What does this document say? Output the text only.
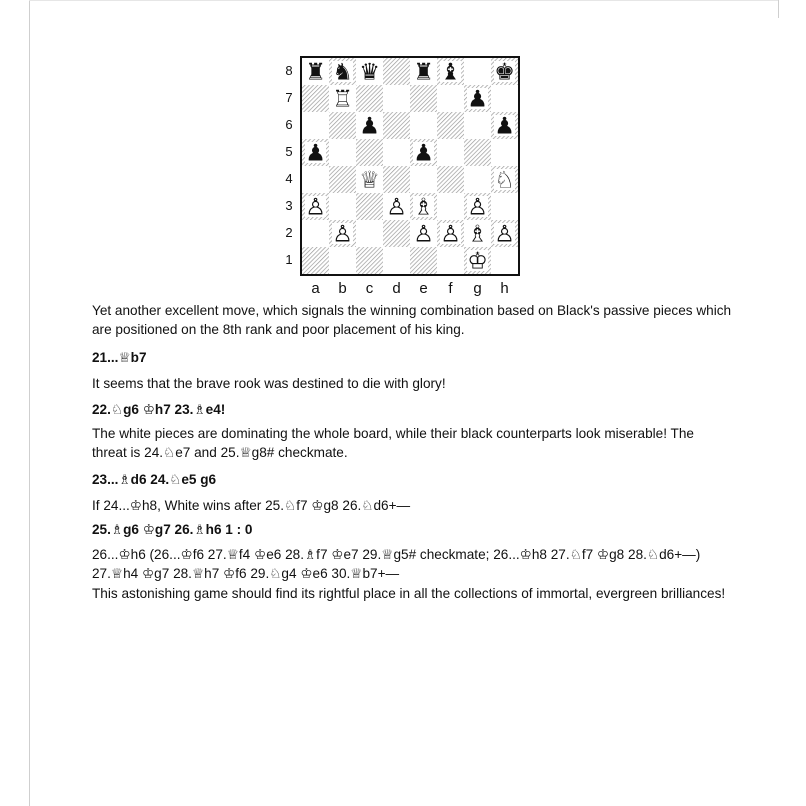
8
7
6
5
4
3
2
1
♜ ♞ ♛ ♜ ♝ ♚
♖	♟
♟	♟
♟	♟
♕	♘
♙	♙ ♗ ♙
♙	♙ ♙ ♗ ♙
♔
a	b	c	d	e	f	g	h
Yet another excellent move, which signals the winning combination based on Black's passive pieces which are positioned on the 8th rank and poor placement of his king.
21...♕b7
It seems that the brave rook was destined to die with glory!
22.♘g6 ♔h7 23.♗e4!
The white pieces are dominating the whole board, while their black counterparts look miserable! The threat is 24.♘e7 and 25.♕g8# checkmate.
23...♗d6 24.♘e5 g6
If 24...♔h8, White wins after 25.♘f7 ♔g8 26.♘d6+—
25.♗g6 ♔g7 26.♗h6 1 : 0
26...♔h6 (26...♔f6 27.♕f4 ♔e6 28.♗f7 ♔e7 29.♕g5# checkmate; 26...♔h8 27.♘f7 ♔g8 28.♘d6+—) 27.♕h4 ♔g7 28.♕h7 ♔f6 29.♘g4 ♔e6 30.♕b7+—
This astonishing game should find its rightful place in all the collections of immortal, evergreen brilliances!
